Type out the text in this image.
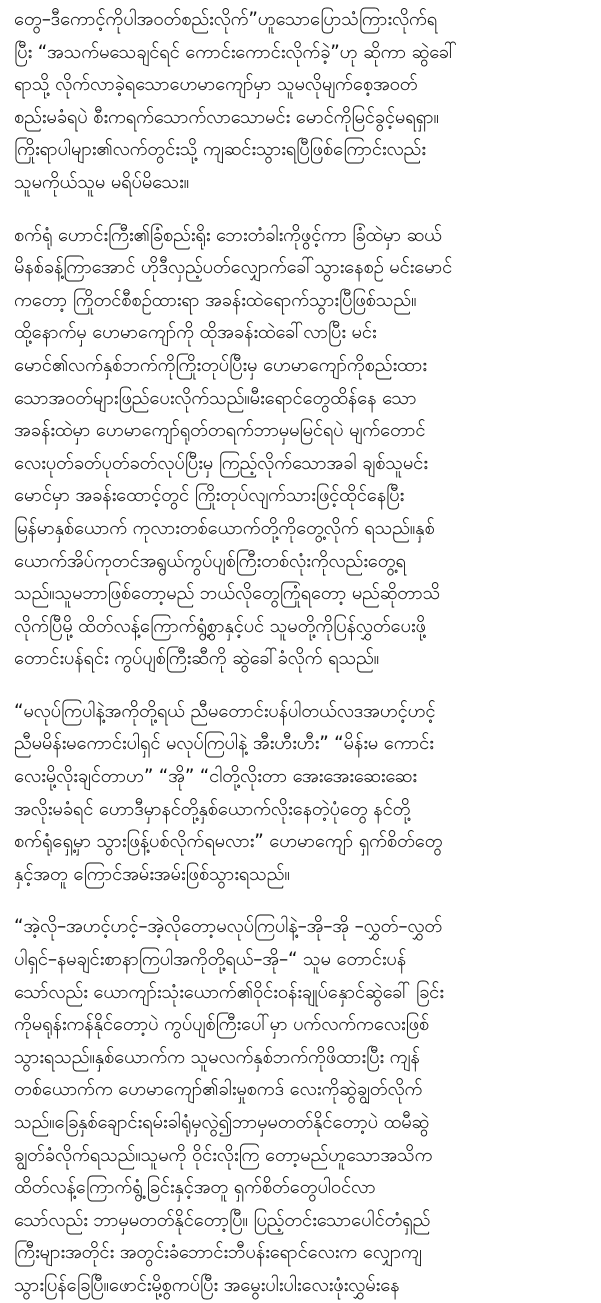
တွေ–ဒီကောင့်ကိုပါအဝတ်စည်းလိုက်”ဟူသောပြောသံကြားလိုက်ရ
ပြီး “အသက်မသေချင်ရင် ကောင်းကောင်းလိုက်ခဲ့”ဟု ဆိုကာ ဆွဲခေါ်
ရာသို့ လိုက်လာခဲ့ရသောဟေမာကျော်မှာ သူမလိုမျက်စေ့အဝတ်
စည်းမခံရပဲ စီးကရက်သောက်လာသောမင်း မောင်ကိုမြင်ခွင့်မရရှာ။
ကြိုးရာပါများ၏လက်တွင်းသို့ ကျဆင်းသွားရပြီဖြစ်ကြောင်းလည်း
သူမကိုယ်သူမ မရိပ်မိသေး။

စက်ရုံ ဟောင်းကြီး၏ခြံစည်းရိုး ဘေးတံခါးကိုဖွင့်ကာ ခြံထဲမှာ ဆယ်
မိနစ်ခန့်ကြာအောင် ဟိုဒီလှည့်ပတ်လျှောက်ခေါ်သွားနေစဉ် မင်းမောင်
ကတော့ ကြိုတင်စီစဉ်ထားရာ အခန်းထဲရောက်သွားပြီဖြစ်သည်။
ထို့နောက်မှ ဟေမာကျော်ကို ထိုအခန်းထဲခေါ်လာပြီး မင်း
မောင်၏လက်နှစ်ဘက်ကိုကြိုးတုပ်ပြီးမှ ဟေမာကျော်ကိုစည်းထား
သောအဝတ်များဖြည်ပေးလိုက်သည်။မီးရောင်တွေထိန်နေ သော
အခန်းထဲမှာ ဟေမာကျော်ရုတ်တရက်ဘာမှမမြင်ရပဲ မျက်တောင်
လေးပုတ်ခတ်ပုတ်ခတ်လုပ်ပြီးမှ ကြည့်လိုက်သောအခါ ချစ်သူမင်း
မောင်မှာ အခန်းထောင့်တွင် ကြိုးတုပ်လျက်သားဖြင့်ထိုင်နေပြီး
မြန်မာနှစ်ယောက် ကုလားတစ်ယောက်တို့ကိုတွေ့လိုက် ရသည်။နှစ်
ယောက်အိပ်ကုတင်အရွယ်ကွပ်ပျစ်ကြီးတစ်လုံးကိုလည်းတွေ့ရ
သည်။သူမဘာဖြစ်တော့မည် ဘယ်လိုတွေကြုံရတော့ မည်ဆိုတာသိ
လိုက်ပြီမို့ ထိတ်လန့်ကြောက်ရွံ့စွာနှင့်ပင် သူမတို့ကိုပြန်လွှတ်ပေးဖို့
တောင်းပန်ရင်း ကွပ်ပျစ်ကြီးဆီကို ဆွဲခေါ်ခံလိုက် ရသည်။

“မလုပ်ကြပါနဲ့အကိုတို့ရယ် ညီမတောင်းပန်ပါတယ်လဒအဟင့်ဟင့်
ညီမမိန်းမကောင်းပါရှင် မလုပ်ကြပါနဲ့ အီးဟီးဟီး” “မိန်းမ ကောင်း
လေးမို့လိုးချင်တာဟ” “အို” “ငါတို့လိုးတာ အေးအေးဆေးဆေး
အလိုးမခံရင် ဟောဒီမှာနင်တို့နှစ်ယောက်လိုးနေတဲ့ပုံတွေ နင်တို့
စက်ရုံရှေ့မှာ သွားဖြန့်ပစ်လိုက်ရမလား” ဟေမာကျော် ရှက်စိတ်တွေ
နှင့်အတူ ကြောင်အမ်းအမ်းဖြစ်သွားရသည်။

“အဲ့လို–အဟင့်ဟင့်–အဲ့လိုတော့မလုပ်ကြပါနဲ့–အို–အို –လွှတ်–လွှတ်
ပါရှင်–နမချင်းစာနာကြပါအကိုတို့ရယ်–အို–“ သူမ တောင်းပန်
သော်လည်း ယောကျာ်းသုံးယောက်၏ဝိုင်းဝန်းချုပ်နှောင်ဆွဲခေါ် ခြင်း
ကိုမရုန်းကန်နိုင်တော့ပဲ ကွပ်ပျစ်ကြီးပေါ်မှာ ပက်လက်ကလေးဖြစ်
သွားရသည်။နှစ်ယောက်က သူမလက်နှစ်ဘက်ကိုဖိထားပြီး ကျန်
တစ်ယောက်က ဟေမာကျော်၏ခါးမှုစကဒ် လေးကိုဆွဲချွတ်လိုက်
သည်။ခြေနှစ်ချောင်းရမ်းခါရုံမှလွဲ၍ဘာမှမတတ်နိုင်တော့ပဲ ထမီဆွဲ
ချွတ်ခံလိုက်ရသည်။သူမကို ဝိုင်းလိုးကြ တော့မည်ဟူသောအသိက
ထိတ်လန့်ကြောက်ရွံ့ခြင်းနှင့်အတူ ရှက်စိတ်တွေပါဝင်လာ
သော်လည်း ဘာမှမတတ်နိုင်တော့ပြီ။ ပြည့်တင်းသောပေါင်တံရှည်
ကြီးများအတိုင်း အတွင်းခံဘောင်းဘီပန်းရောင်လေးက လျှောကျ
သွားပြန်ခြေပြီ။ဖောင်းမို့စွကပ်ပြီး အမွေးပါးပါးလေးဖုံးလွှမ်းနေ
